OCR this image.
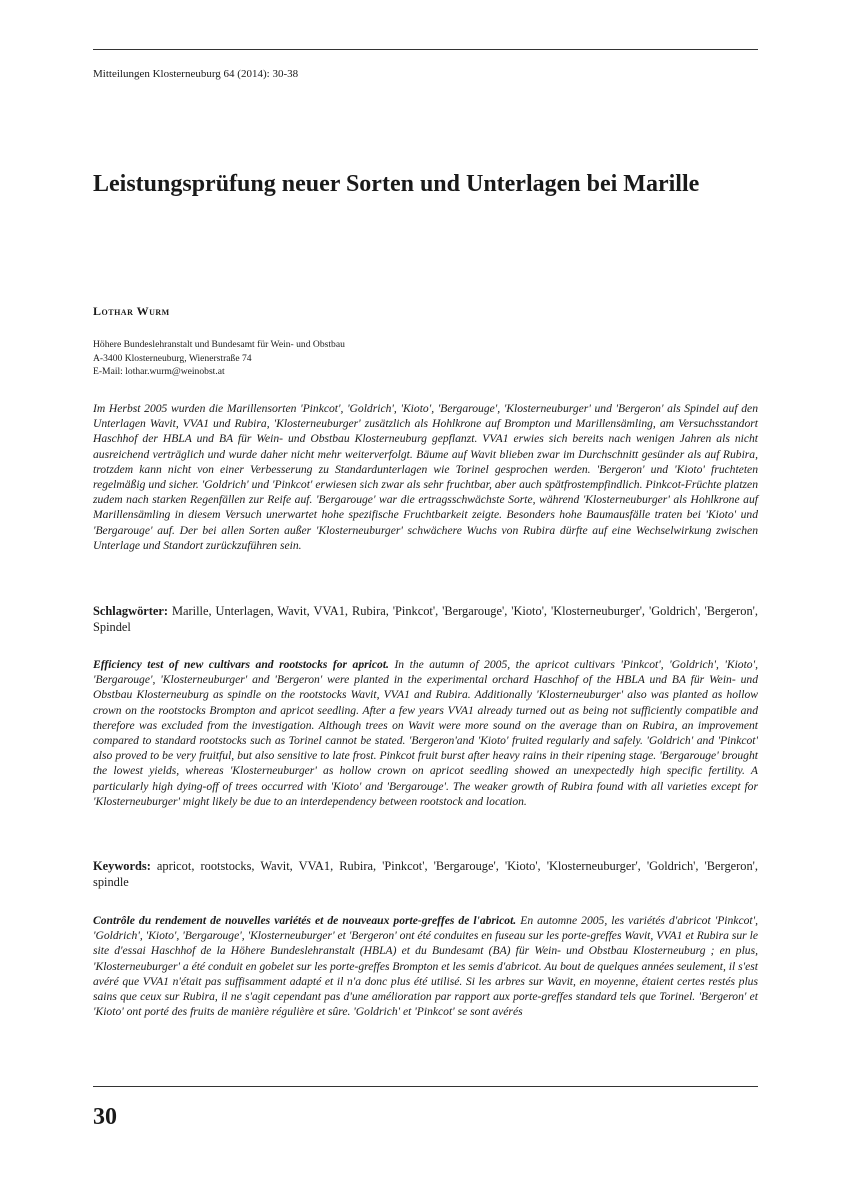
Mitteilungen Klosterneuburg 64 (2014): 30-38
Leistungsprüfung neuer Sorten und Unterlagen bei Marille
Lothar Wurm
Höhere Bundeslehranstalt und Bundesamt für Wein- und Obstbau
A-3400 Klosterneuburg, Wienerstraße 74
E-Mail: lothar.wurm@weinobst.at

Im Herbst 2005 wurden die Marillensorten 'Pinkcot', 'Goldrich', 'Kioto', 'Bergarouge', 'Klosterneuburger' und 'Bergeron' als Spindel auf den Unterlagen Wavit, VVA1 und Rubira, 'Klosterneuburger' zusätzlich als Hohlkrone auf Brompton und Marillensämling, am Versuchsstandort Haschhof der HBLA und BA für Wein- und Obstbau Klosterneuburg gepflanzt. VVA1 erwies sich bereits nach wenigen Jahren als nicht ausreichend verträglich und wurde daher nicht mehr weiterverfolgt. Bäume auf Wavit blieben zwar im Durchschnitt gesünder als auf Rubira, trotzdem kann nicht von einer Verbesserung zu Standardunterlagen wie Torinel gesprochen werden. 'Bergeron' und 'Kioto' fruchteten regelmäßig und sicher. 'Goldrich' und 'Pinkcot' erwiesen sich zwar als sehr fruchtbar, aber auch spätfrostempfindlich. Pinkcot-Früchte platzen zudem nach starken Regenfällen zur Reife auf. 'Bergarouge' war die ertragsschwächste Sorte, während 'Klosterneuburger' als Hohlkrone auf Marillensämling in diesem Versuch unerwartet hohe spezifische Fruchtbarkeit zeigte. Besonders hohe Baumausfälle traten bei 'Kioto' und 'Bergarouge' auf. Der bei allen Sorten außer 'Klosterneuburger' schwächere Wuchs von Rubira dürfte auf eine Wechselwirkung zwischen Unterlage und Standort zurückzuführen sein.

Schlagwörter: Marille, Unterlagen, Wavit, VVA1, Rubira, 'Pinkcot', 'Bergarouge', 'Kioto', 'Klosterneuburger', 'Goldrich', 'Bergeron', Spindel

Efficiency test of new cultivars and rootstocks for apricot. In the autumn of 2005, the apricot cultivars 'Pinkcot', 'Goldrich', 'Kioto', 'Bergarouge', 'Klosterneuburger' and 'Bergeron' were planted in the experimental orchard Haschhof of the HBLA und BA für Wein- und Obstbau Klosterneuburg as spindle on the rootstocks Wavit, VVA1 and Rubira. Additionally 'Klosterneuburger' also was planted as hollow crown on the rootstocks Brompton and apricot seedling. After a few years VVA1 already turned out as being not sufficiently compatible and therefore was excluded from the investigation. Although trees on Wavit were more sound on the average than on Rubira, an improvement compared to standard rootstocks such as Torinel cannot be stated. 'Bergeron'and 'Kioto' fruited regularly and safely. 'Goldrich' and 'Pinkcot' also proved to be very fruitful, but also sensitive to late frost. Pinkcot fruit burst after heavy rains in their ripening stage. 'Bergarouge' brought the lowest yields, whereas 'Klosterneuburger' as hollow crown on apricot seedling showed an unexpectedly high specific fertility. A particularly high dying-off of trees occurred with 'Kioto' and 'Bergarouge'. The weaker growth of Rubira found with all varieties except for 'Klosterneuburger' might likely be due to an interdependency between rootstock and location.

Keywords: apricot, rootstocks, Wavit, VVA1, Rubira, 'Pinkcot', 'Bergarouge', 'Kioto', 'Klosterneuburger', 'Goldrich', 'Bergeron', spindle

Contrôle du rendement de nouvelles variétés et de nouveaux porte-greffes de l'abricot. En automne 2005, les variétés d'abricot 'Pinkcot', 'Goldrich', 'Kioto', 'Bergarouge', 'Klosterneuburger' et 'Bergeron' ont été conduites en fuseau sur les porte-greffes Wavit, VVA1 et Rubira sur le site d'essai Haschhof de la Höhere Bundeslehranstalt (HBLA) et du Bundesamt (BA) für Wein- und Obstbau Klosterneuburg ; en plus, 'Klosterneuburger' a été conduit en gobelet sur les porte-greffes Brompton et les semis d'abricot. Au bout de quelques années seulement, il s'est avéré que VVA1 n'était pas suffisamment adapté et il n'a donc plus été utilisé. Si les arbres sur Wavit, en moyenne, étaient certes restés plus sains que ceux sur Rubira, il ne s'agit cependant pas d'une amélioration par rapport aux porte-greffes standard tels que Torinel. 'Bergeron' et 'Kioto' ont porté des fruits de manière régulière et sûre. 'Goldrich' et 'Pinkcot' se sont avérés

30
